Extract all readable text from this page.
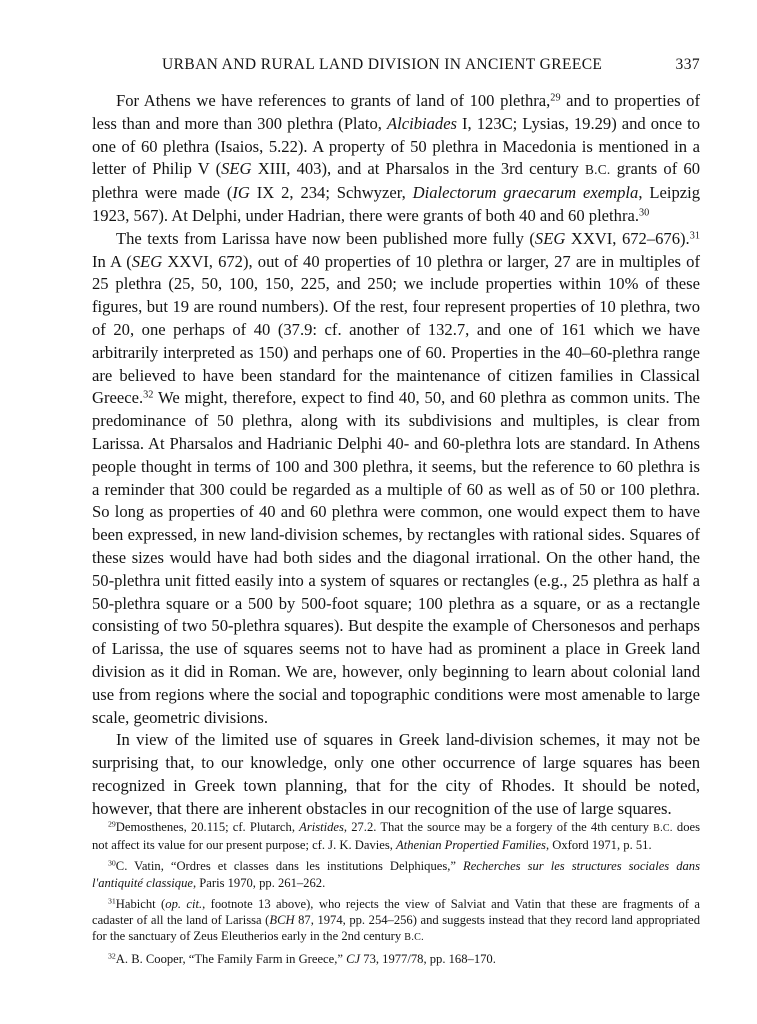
URBAN AND RURAL LAND DIVISION IN ANCIENT GREECE	337

For Athens we have references to grants of land of 100 plethra,$^{29}$ and to properties of less than and more than 300 plethra (Plato, Alcibiades I, 123C; Lysias, 19.29) and once to one of 60 plethra (Isaios, 5.22). A property of 50 plethra in Macedonia is mentioned in a letter of Philip V (SEG XIII, 403), and at Pharsalos in the 3rd century B.C. grants of 60 plethra were made (IG IX 2, 234; Schwyzer, Dialectorum graecarum exempla, Leipzig 1923, 567). At Delphi, under Hadrian, there were grants of both 40 and 60 plethra.$^{30}$

The texts from Larissa have now been published more fully (SEG XXVI, 672–676).$^{31}$ In A (SEG XXVI, 672), out of 40 properties of 10 plethra or larger, 27 are in multiples of 25 plethra (25, 50, 100, 150, 225, and 250; we include properties within 10% of these figures, but 19 are round numbers). Of the rest, four represent properties of 10 plethra, two of 20, one perhaps of 40 (37.9: cf. another of 132.7, and one of 161 which we have arbitrarily interpreted as 150) and perhaps one of 60. Properties in the 40–60-plethra range are believed to have been standard for the maintenance of citizen families in Classical Greece.$^{32}$ We might, therefore, expect to find 40, 50, and 60 plethra as common units. The predominance of 50 plethra, along with its subdivisions and multiples, is clear from Larissa. At Pharsalos and Hadrianic Delphi 40- and 60-plethra lots are standard. In Athens people thought in terms of 100 and 300 plethra, it seems, but the reference to 60 plethra is a reminder that 300 could be regarded as a multiple of 60 as well as of 50 or 100 plethra. So long as properties of 40 and 60 plethra were common, one would expect them to have been expressed, in new land-division schemes, by rectangles with rational sides. Squares of these sizes would have had both sides and the diagonal irrational. On the other hand, the 50-plethra unit fitted easily into a system of squares or rectangles (e.g., 25 plethra as half a 50-plethra square or a 500 by 500-foot square; 100 plethra as a square, or as a rectangle consisting of two 50-plethra squares). But despite the example of Chersonesos and perhaps of Larissa, the use of squares seems not to have had as prominent a place in Greek land division as it did in Roman. We are, however, only beginning to learn about colonial land use from regions where the social and topographic conditions were most amenable to large scale, geometric divisions.

In view of the limited use of squares in Greek land-division schemes, it may not be surprising that, to our knowledge, only one other occurrence of large squares has been recognized in Greek town planning, that for the city of Rhodes. It should be noted, however, that there are inherent obstacles in our recognition of the use of large squares.

$^{29}$Demosthenes, 20.115; cf. Plutarch, Aristides, 27.2. That the source may be a forgery of the 4th century B.C. does not affect its value for our present purpose; cf. J. K. Davies, Athenian Propertied Families, Oxford 1971, p. 51.

$^{30}$C. Vatin, “Ordres et classes dans les institutions Delphiques,” Recherches sur les structures sociales dans l'antiquité classique, Paris 1970, pp. 261–262.

$^{31}$Habicht (op. cit., footnote 13 above), who rejects the view of Salviat and Vatin that these are fragments of a cadaster of all the land of Larissa (BCH 87, 1974, pp. 254–256) and suggests instead that they record land appropriated for the sanctuary of Zeus Eleutherios early in the 2nd century B.C.

$^{32}$A. B. Cooper, “The Family Farm in Greece,” CJ 73, 1977/78, pp. 168–170.
